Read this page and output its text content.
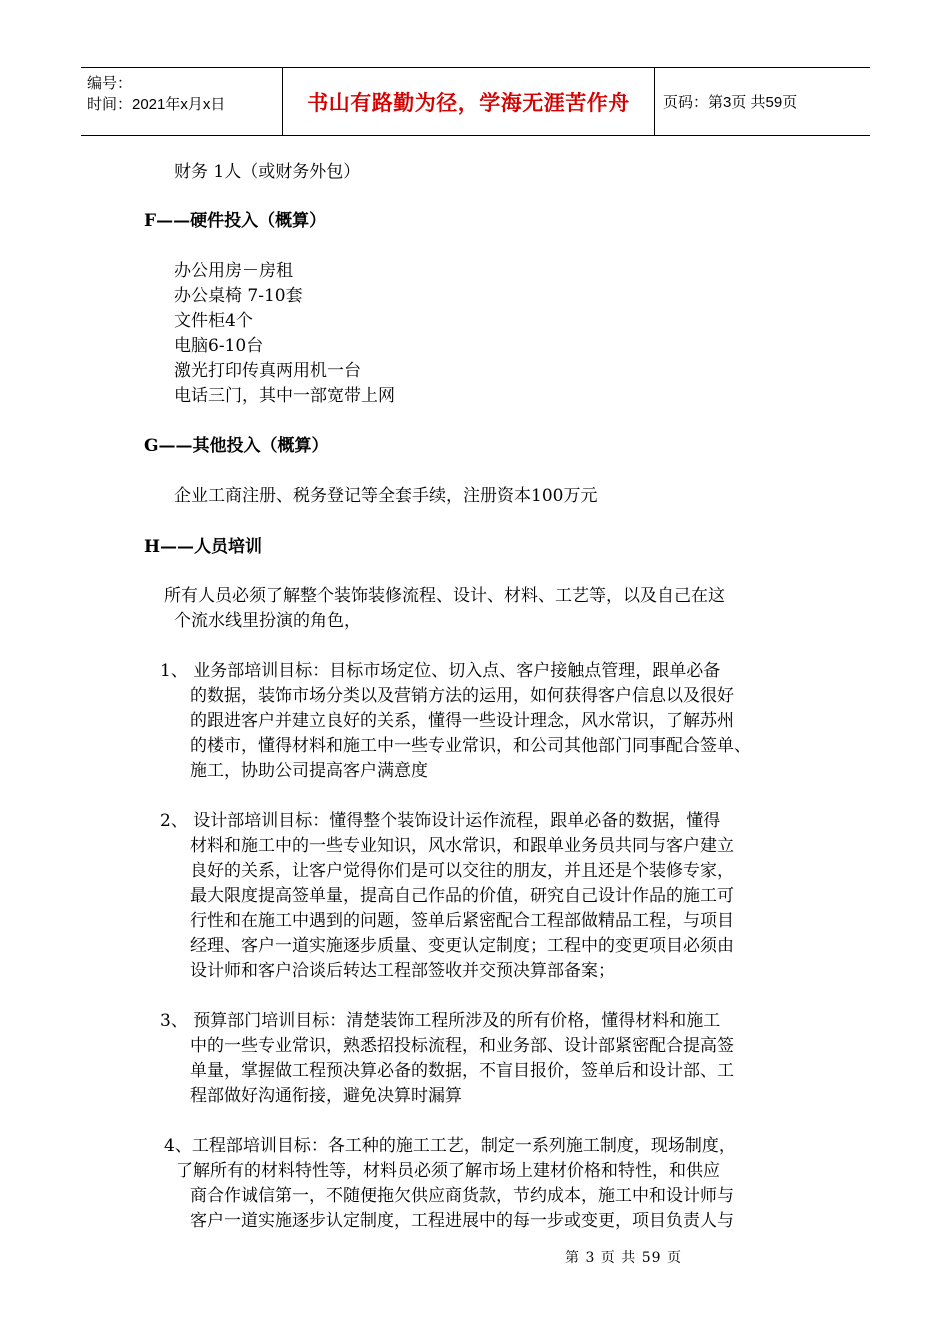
编号：
时间：2021年x月x日	书山有路勤为径，学海无涯苦作舟	页码：第3页 共59页
财务 1人（或财务外包）
F——硬件投入（概算）
办公用房－房租
办公桌椅 7-10套
文件柜4个
电脑6-10台
激光打印传真两用机一台
电话三门，其中一部宽带上网
G——其他投入（概算）
企业工商注册、税务登记等全套手续，注册资本100万元
H——人员培训
所有人员必须了解整个装饰装修流程、设计、材料、工艺等，以及自己在这
个流水线里扮演的角色，
1、 业务部培训目标：目标市场定位、切入点、客户接触点管理，跟单必备
的数据，装饰市场分类以及营销方法的运用，如何获得客户信息以及很好
的跟进客户并建立良好的关系，懂得一些设计理念，风水常识，了解苏州
的楼市，懂得材料和施工中一些专业常识，和公司其他部门同事配合签单、
施工，协助公司提高客户满意度
2、 设计部培训目标：懂得整个装饰设计运作流程，跟单必备的数据，懂得
材料和施工中的一些专业知识，风水常识，和跟单业务员共同与客户建立
良好的关系，让客户觉得你们是可以交往的朋友，并且还是个装修专家，
最大限度提高签单量，提高自己作品的价值，研究自己设计作品的施工可
行性和在施工中遇到的问题，签单后紧密配合工程部做精品工程，与项目
经理、客户一道实施逐步质量、变更认定制度；工程中的变更项目必须由
设计师和客户洽谈后转达工程部签收并交预决算部备案；
3、 预算部门培训目标：清楚装饰工程所涉及的所有价格，懂得材料和施工
中的一些专业常识，熟悉招投标流程，和业务部、设计部紧密配合提高签
单量，掌握做工程预决算必备的数据，不盲目报价，签单后和设计部、工
程部做好沟通衔接，避免决算时漏算
4、工程部培训目标：各工种的施工工艺，制定一系列施工制度，现场制度，
了解所有的材料特性等，材料员必须了解市场上建材价格和特性，和供应
商合作诚信第一，不随便拖欠供应商货款，节约成本，施工中和设计师与
客户一道实施逐步认定制度，工程进展中的每一步或变更，项目负责人与
第 3 页 共 59 页
